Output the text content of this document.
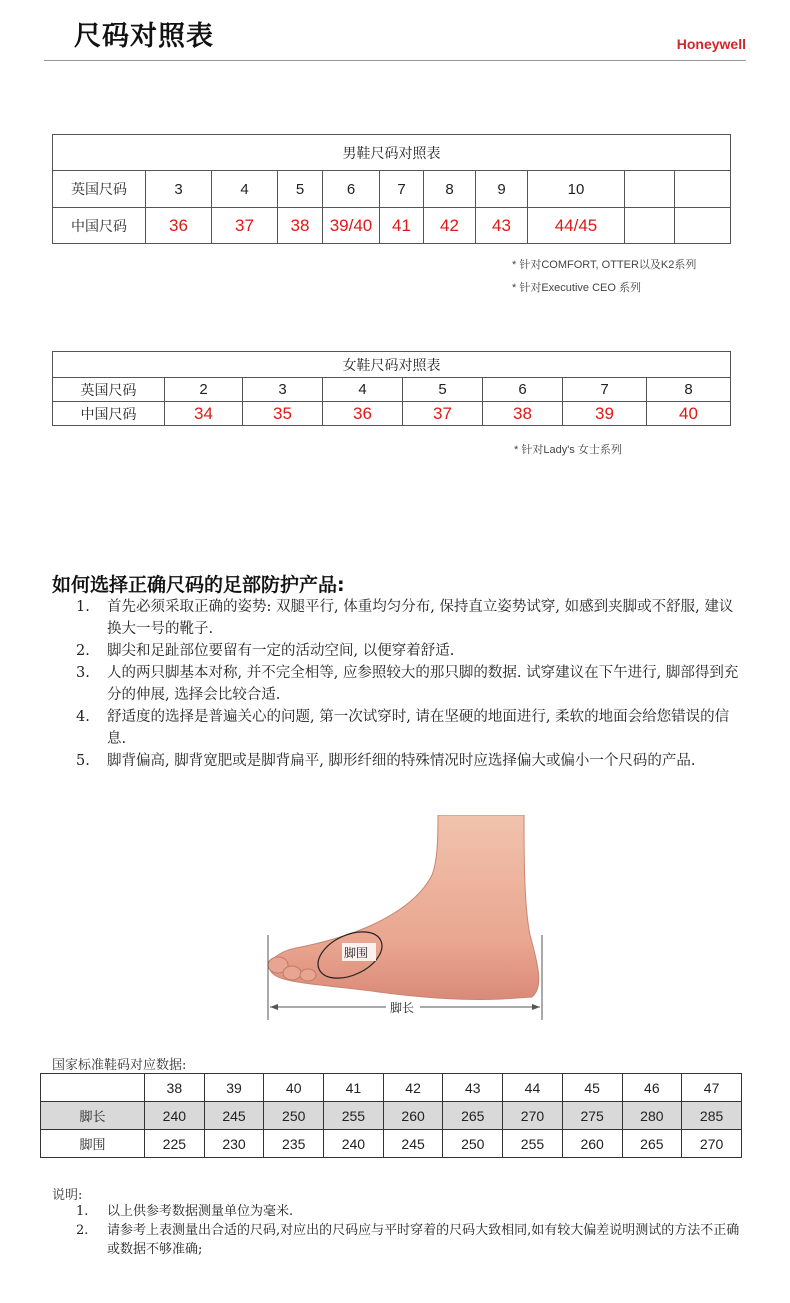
尺码对照表	Honeywell
男鞋尺码对照表										
英国尺码	3	4	5	6	7	8	9	10		
中国尺码	36	37	38	39/40	41	42	43	44/45		
* 针对COMFORT, OTTER以及K2系列
* 针对Executive CEO 系列
女鞋尺码对照表							
英国尺码	2	3	4	5	6	7	8
中国尺码	34	35	36	37	38	39	40
* 针对Lady's 女士系列
如何选择正确尺码的足部防护产品:
1. 首先必须采取正确的姿势: 双腿平行, 体重均匀分布, 保持直立姿势试穿, 如感到夹脚或不舒服, 建议换大一号的靴子.
2. 脚尖和足趾部位要留有一定的活动空间, 以便穿着舒适.
3. 人的两只脚基本对称, 并不完全相等, 应参照较大的那只脚的数据. 试穿建议在下午进行, 脚部得到充分的伸展, 选择会比较合适.
4. 舒适度的选择是普遍关心的问题, 第一次试穿时, 请在坚硬的地面进行, 柔软的地面会给您错误的信息.
5. 脚背偏高, 脚背宽肥或是脚背扁平, 脚形纤细的特殊情况时应选择偏大或偏小一个尺码的产品.
脚围
脚长
国家标准鞋码对应数据:
	38	39	40	41	42	43	44	45	46	47
脚长	240	245	250	255	260	265	270	275	280	285
脚围	225	230	235	240	245	250	255	260	265	270
说明:
1. 以上供参考数据测量单位为毫米.
2. 请参考上表测量出合适的尺码,对应出的尺码应与平时穿着的尺码大致相同,如有较大偏差说明测试的方法不正确或数据不够准确;
